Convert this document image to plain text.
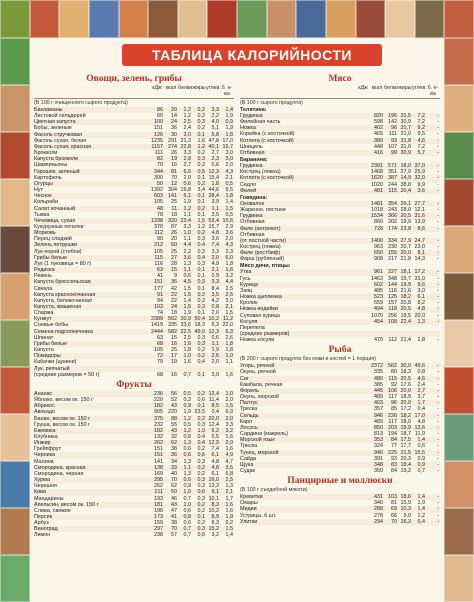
ТАБЛИЦА КАЛОРИЙНОСТИ
Овощи, зелень, грибы
кДж ккал белки жиры углев. б. е-ва
(В 100 г очищенного сырого продукта)
Баклажаны	86	20	1,2	0,2	3,3	1,4
Листовой сельдерей	60	14	1,2	0,2	2,2	1,9
Цветная капуста	100	24	2,5	0,3	4,0	0,9
Бобы, зеленые	151	36	2,4	0,2	5,1	1,9
Фасоль стручковая	126	30	3,0	0,1	5,8	1,8
Фасоль сухая, белая	1235 291 21,3	1,6 47,8 17,0
Фасоль сухая, красная	1157 274 22,8	1,2 40,1 15,7
Брокколи	111	26	3,3	0,2	2,7	3,0
Капуста брокколи	82	19	2,8	0,3	2,3	3,0
Шампиньоны	70	16	2,7	0,2	0,6	2,0
Горошек, зеленый	344	81	6,6	0,5 12,3	4,3
Картофель	300	70	2,0	0,1 15,4	2,1
Огурцы	50	12	0,6	0,2	1,8	0,5
Нут	1392 304 19,8	3,4 44,6	9,5
Чеснок	603 141	6,1	0,1 28,4	1,8
Кольраби	105	25	1,9	0,1	3,9	1,4
Салат кочанный	48	11	1,2	0,2	1,1	1,5
Тыква	78	18	1,1	0,1	3,5	0,5
Чечевица, сухая	1338 320 23,4	1,5 53,4 10,6
Кукурузные початки	370	87	3,3	1,2 15,7	2,9
Морковь	112	26	1,0	0,2	4,8	3,6
Перец сладкий	90	20	1,1	0,3	3,6	2,0
Зелень петрушки	212	50	4,4	0,4	7,4	4,3
Лук-порей (стебли)	105	25	2,2	0,3	3,3	2,3
Грибы белые	115	27	3,6	0,4	2,0	6,0
Лук (1 луковица = 80 г)	116	28	1,3	0,3	4,9	1,8
Редиска	63	15	1,1	0,1	2,1	1,6
Ревень	41	9	0,6	0,1	0,9	3,2
Капуста брюссельская	151	36	4,5	0,3	3,3	4,4
Свекла	177	42	1,5	0,1	8,4	2,5
Капуста краснокочанная	91	22	1,5	0,2	3,5	2,5
Капуста, белокочанная	94	22	1,4	0,2	4,2	3,0
Капуста, квашеная	103	24	1,5	0,3	0,8	2,1
Спаржа	74	18	1,9	0,1	2,0	1,5
Кунжут	2389 562 20,9 50,4 10,2 11,2
Соевые бобы	1419 335 33,6 18,3	6,3 22,0
Семена подсолнечника	2444 582 22,5 49,0 12,3	6,3
Шпинат	63	15	2,5	0,3	0,6	2,6
Грибы белые	68	16	1,6	0,3	1,1	1,8
Капуста	105	25	1,8	0,2	1,9	1,8
Помидоры	72	17	1,0	0,2	2,6	1,0
Кабачки (цукини)	79	19	1,6	0,4	2,0	1,1
Лук, репчатый
(средние размеров = 50 г)	68	16	0,7	0,1	3,0	1,6
Фрукты
Ананас	236	56	0,5	0,2 12,4	1,0
Яблоко, весом ок. 150 г	220	52	0,3	0,6 11,4	2,0
Абрикос	182	43	0,9	0,1	8,5	1,5
Авокадо	905 220	1,9 23,5	0,4	6,3
Банан, весом ок. 150 г	375	88	1,2	0,2 20,0	2,0
Груша, весом ок. 150 г	232	55	0,5	0,3 12,4	3,3
Ежевика	182	43	1,2	1,0	6,2	3,2
Клубника	132	32	0,8	0,4	5,5	1,6
Инжир	262	62	1,3	0,4 12,9	2,0
Грейпфрут	151	38	0,6	0,2	7,4	1,6
Черника	151	36	0,6	0,6	6,1	4,9
Малина	141	34	1,3	0,3	4,8	4,7
Смородина, красная	138	33	1,1	0,2	4,8	3,5
Смородина, черная	169	40	1,3	0,2	6,1	6,8
Хурма	295	70	0,6	0,3 16,0	2,5
Черешня	262	62	0,9	0,3 13,3	1,3
Киви	211	50	1,0	0,6	9,1	2,1
Мандарины	193	46	0,7	0,3 10,1	1,7
Апельсин, весом ок. 150 г	181	43	1,0	0,2	8,3	1,6
Слива, свежие	196	47	0,6	0,2 10,2	1,6
Персик	173	41	0,8	0,1	8,9	1,9
Арбуз	159	38	0,6	0,2	8,3	0,2
Виноград	297	70	0,7	0,3 15,2	1,5
Лимон	238	57	0,7	0,6	3,2	1,4
Мясо
кДж ккал белки жиры углев. б. е-ва
(В 100 г сырого продукта)
Телятина:
Грудинка	820 196 31,5	7,2	-
Филейная часть	598 142 30,9	7,2	-
Ножка	402	96 31,7	9,2	-
Корейка (с косточкой)	465	111 31,0	9,5	-
Котлета (с косточкой)	389	93 31,8	4,6	-
Шницель	448 107 31,0	7,2	-
Отбивная	416	99 30,9	5,7	-
Баранина:
Грудинка	2391 571 18,0 37,0	-
Кострец (ляжка)	1468 351 27,0 25,9	-
Котлета (с косточкой)	1620 387 14,9 32,0	-
Седло	1020 244 38,8	9,9	-
Филей	481	115 20,4	3,6	-
Говядина:
Оковалок	1481 354 26,1 27,7	-
Жареное, постное	1018 243 28,0 12,1	-
Грудинка	1534 366 20,5 31,6	-
Отбивная	860 202 19,9 13,9	-
Филе (антрекот)	728 174 23,8	8,6	-
Отбивная
(от постной части)	1400 334 27,9 24,7	-
Кострец (ляжка)	963 230 20,7 23,0	-
Филе (ростбиф)	650 155 20,0	8,1	-
Фарш (рубленый)	908 217 21,8 14,3	-
Мясо дичи, птицы:
Утка	961 227 18,1 17,2	-
Гусь	1463 348 15,7 31,0	-
Курица	602 144 19,9	9,6	-
Заяц	485	116 21,6	3,0	-
Ножка цыпленка	523 125 18,2	6,1	-
Кролик	659 157 20,8	8,2	-
Ножка индейки	494	118 20,5	4,8	-
Суповая курица	1070 256 18,5 20,0	-
Косуля	454 108 22,4	1,3	-
Перепела
(средних размеров)
Ножка косули	470	112 21,4	2,8	-
Рыба
(В 200 г сырого продукта без кожи и костей = 1 порция)
Угорь, речной	2372 562 30,0 49,6	-
Окунь, речной	335	80 18,3	0,8	-
Сиг	480	115 20,5	4,6	-
Камбала, речная	385	92 17,6	2,4	-
Форель	445 106 20,0	2,7	-
Окунь, морской	489	117 18,9	3,7	-
Палтус	403	96 20,0	1,7	-
Треска	357	85 17,2	0,4	-
Сельдь	946 226 18,2 17,0	-
Карп	489	117 18,0	4,8	-
Лосось	850 203 19,9 13,6	-
Сардина (макрель)	813 194 18,7 11,9	-
Морской язык	353	84 17,5	1,4	-
Треска	324	77 17,7	0,6	-
Тунец, морской	940 225 21,5 15,5	-
Сайда	391	93 20,3	0,9	-
Щука	348	83 18,4	0,9	-
Судак	350	84 19,2	0,7	-
Панцирные и моллюски
(В 100 г съедобной мякоти)
Креветки	431 103 18,6	1,4	-
Омары	340	81 15,9	1,9	-
Мидии	288	69 10,3	1,4	-
Устрицы, 6 шт.	278	66	9,0	1,2	-
Улитки	294	70 16,3	0,4	-
